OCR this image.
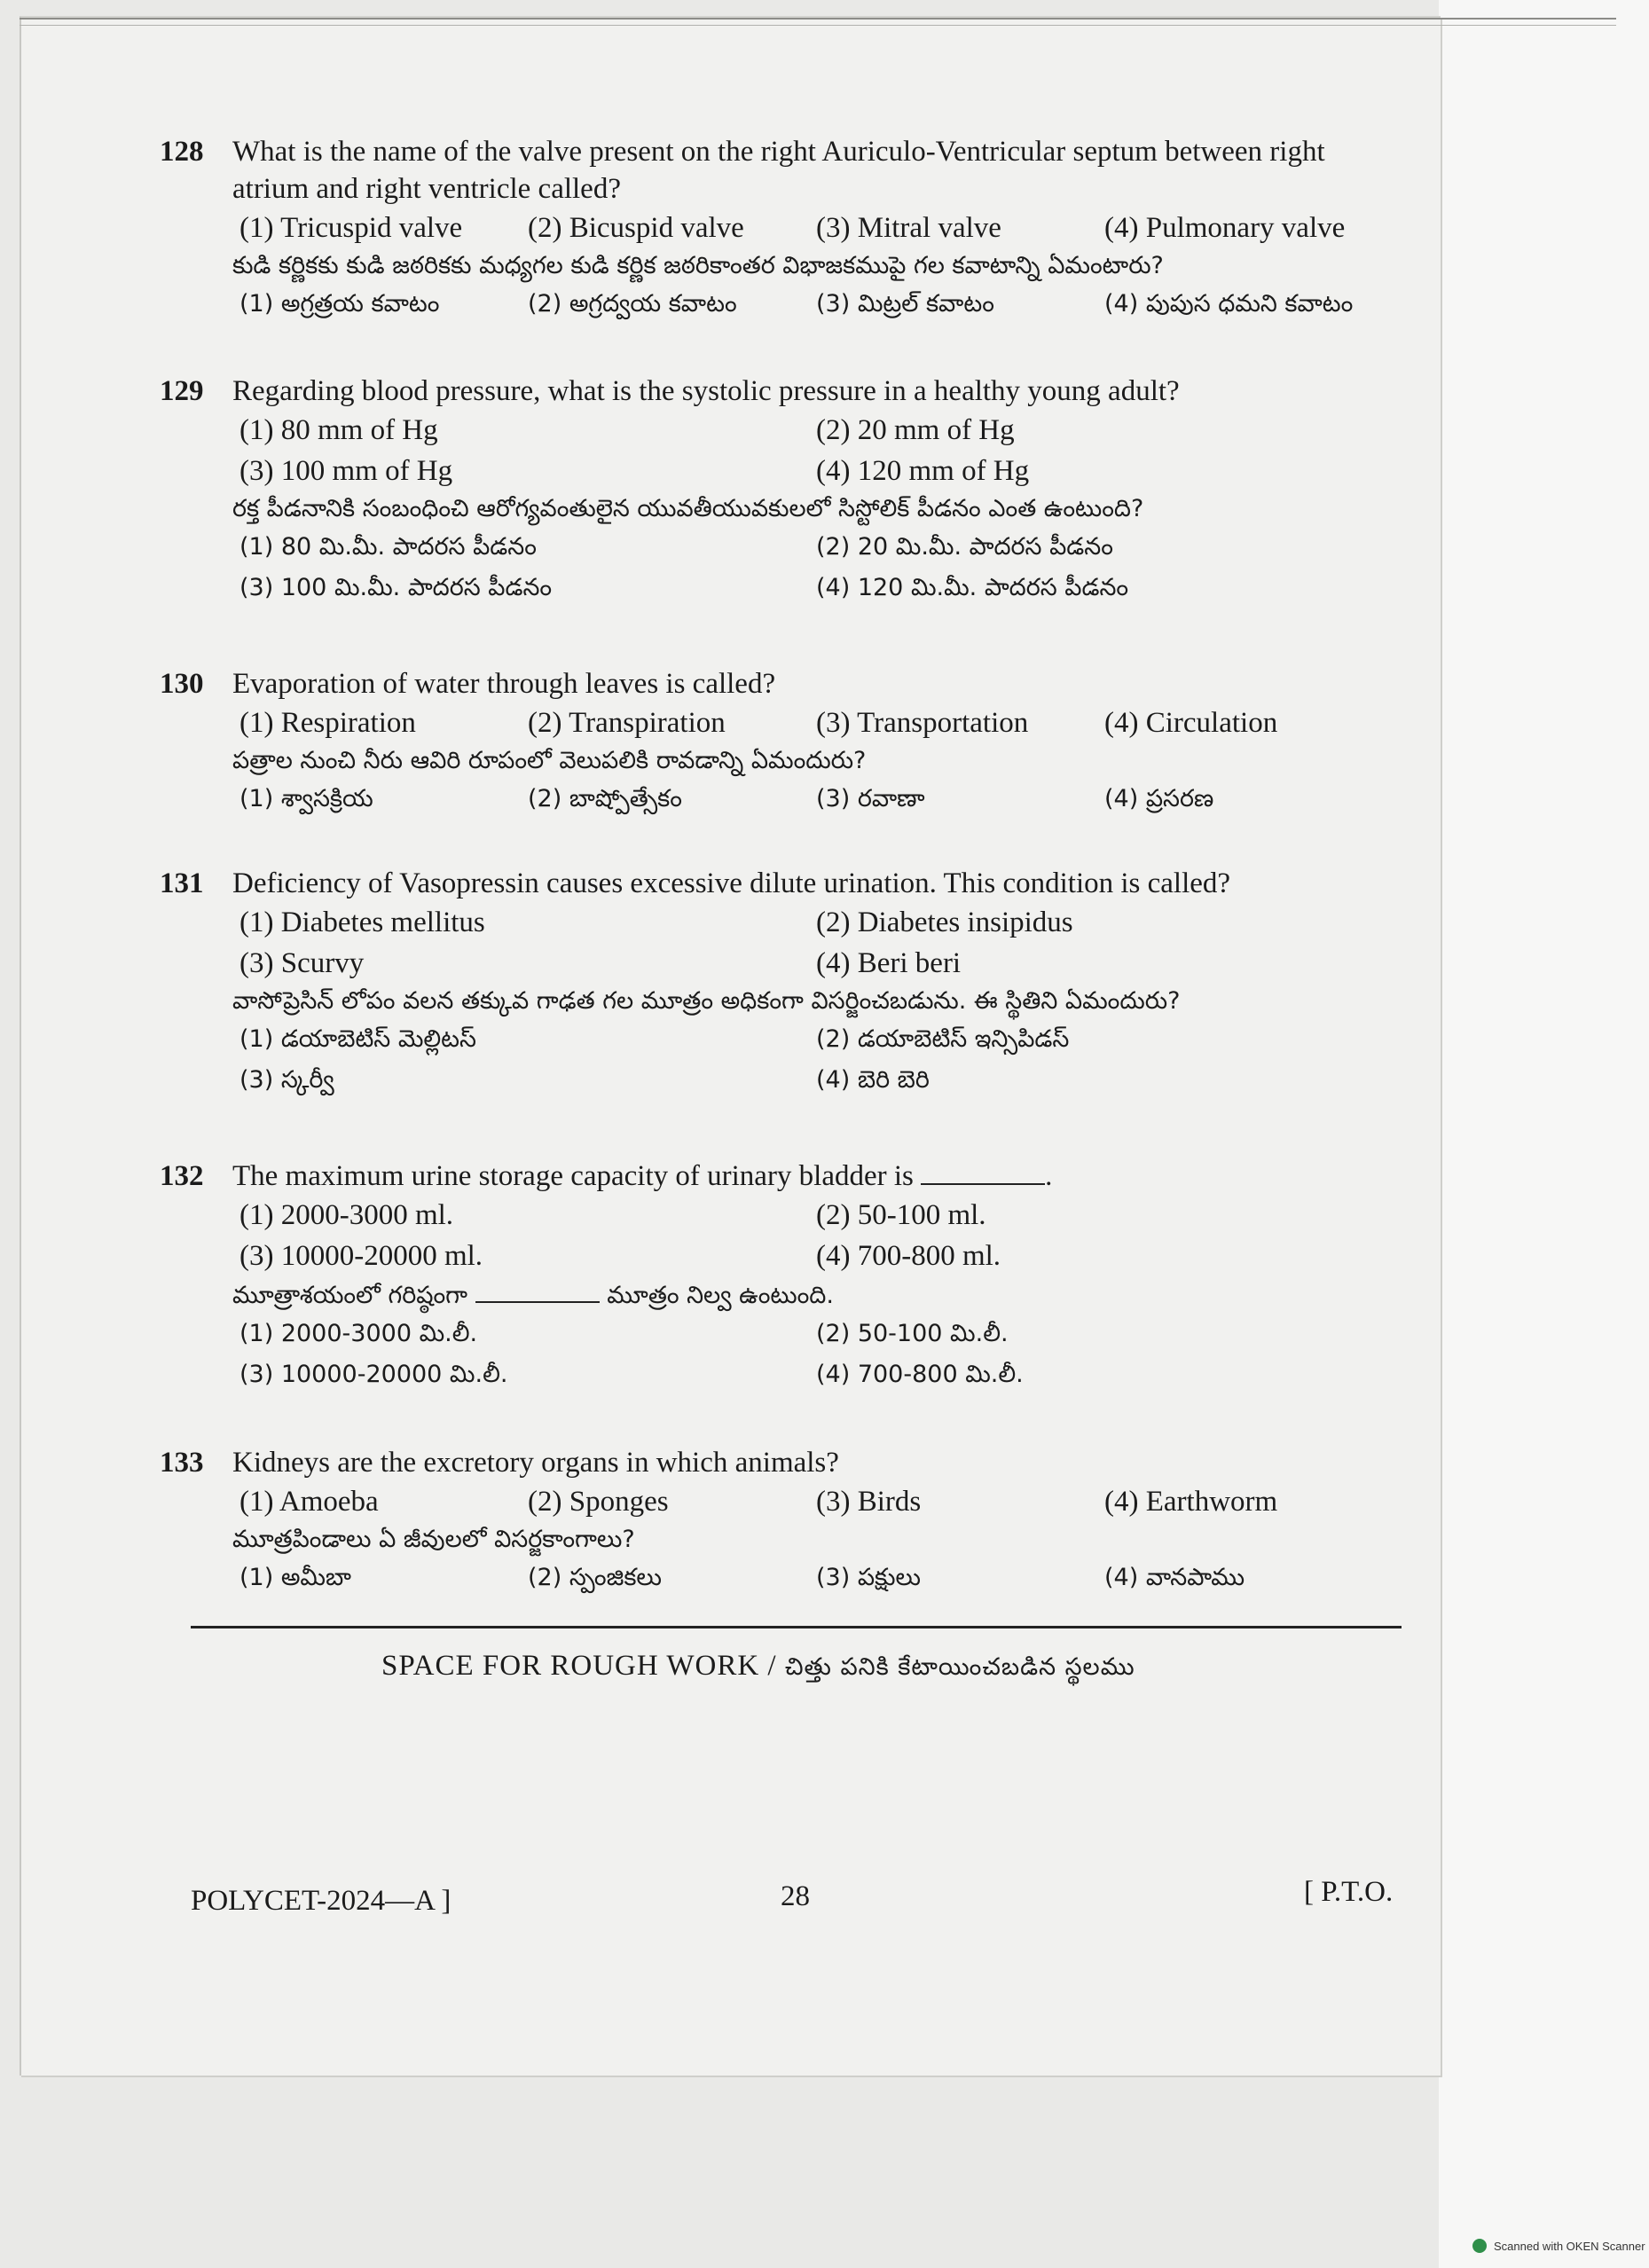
128 What is the name of the valve present on the right Auriculo-Ventricular septum between right atrium and right ventricle called?
(1) Tricuspid valve	(2) Bicuspid valve	(3) Mitral valve	(4) Pulmonary valve
కుడి కర్ణికకు కుడి జఠరికకు మధ్యగల కుడి కర్ణిక జఠరికాంతర విభాజకముపై గల కవాటాన్ని ఏమంటారు?
(1) అగ్రత్రయ కవాటం	(2) అగ్రద్వయ కవాటం	(3) మిట్రల్ కవాటం	(4) పుపుస ధమని కవాటం
129 Regarding blood pressure, what is the systolic pressure in a healthy young adult?
(1) 80 mm of Hg	(2) 20 mm of Hg
(3) 100 mm of Hg	(4) 120 mm of Hg
రక్త పీడనానికి సంబంధించి ఆరోగ్యవంతులైన యువతీయువకులలో సిస్టోలిక్ పీడనం ఎంత ఉంటుంది?
(1) 80 మి.మీ. పాదరస పీడనం	(2) 20 మి.మీ. పాదరస పీడనం
(3) 100 మి.మీ. పాదరస పీడనం	(4) 120 మి.మీ. పాదరస పీడనం
130 Evaporation of water through leaves is called?
(1) Respiration	(2) Transpiration	(3) Transportation	(4) Circulation
పత్రాల నుంచి నీరు ఆవిరి రూపంలో వెలుపలికి రావడాన్ని ఏమందురు?
(1) శ్వాసక్రియ	(2) బాష్పోత్సేకం	(3) రవాణా	(4) ప్రసరణ
131 Deficiency of Vasopressin causes excessive dilute urination. This condition is called?
(1) Diabetes mellitus	(2) Diabetes insipidus
(3) Scurvy	(4) Beri beri
వాసోప్రెసిన్ లోపం వలన తక్కువ గాఢత గల మూత్రం అధికంగా విసర్జించబడును. ఈ స్థితిని ఏమందురు?
(1) డయాబెటిస్ మెల్లిటస్	(2) డయాబెటిస్ ఇన్సిపిడస్
(3) స్కర్వీ	(4) బెరి బెరి
132 The maximum urine storage capacity of urinary bladder is	.
(1) 2000-3000 ml.	(2) 50-100 ml.
(3) 10000-20000 ml.	(4) 700-800 ml.
మూత్రాశయంలో గరిష్ఠంగా	మూత్రం నిల్వ ఉంటుంది.
(1) 2000-3000 మి.లీ.	(2) 50-100 మి.లీ.
(3) 10000-20000 మి.లీ.	(4) 700-800 మి.లీ.
133 Kidneys are the excretory organs in which animals?
(1) Amoeba	(2) Sponges	(3) Birds	(4) Earthworm
మూత్రపిండాలు ఏ జీవులలో విసర్జకాంగాలు?
(1) అమీబా	(2) స్పంజికలు	(3) పక్షులు	(4) వానపాము
SPACE FOR ROUGH WORK / చిత్తు పనికి కేటాయించబడిన స్థలము
POLYCET-2024—A ]	28	[ P.T.O.
Scanned with OKEN Scanner
